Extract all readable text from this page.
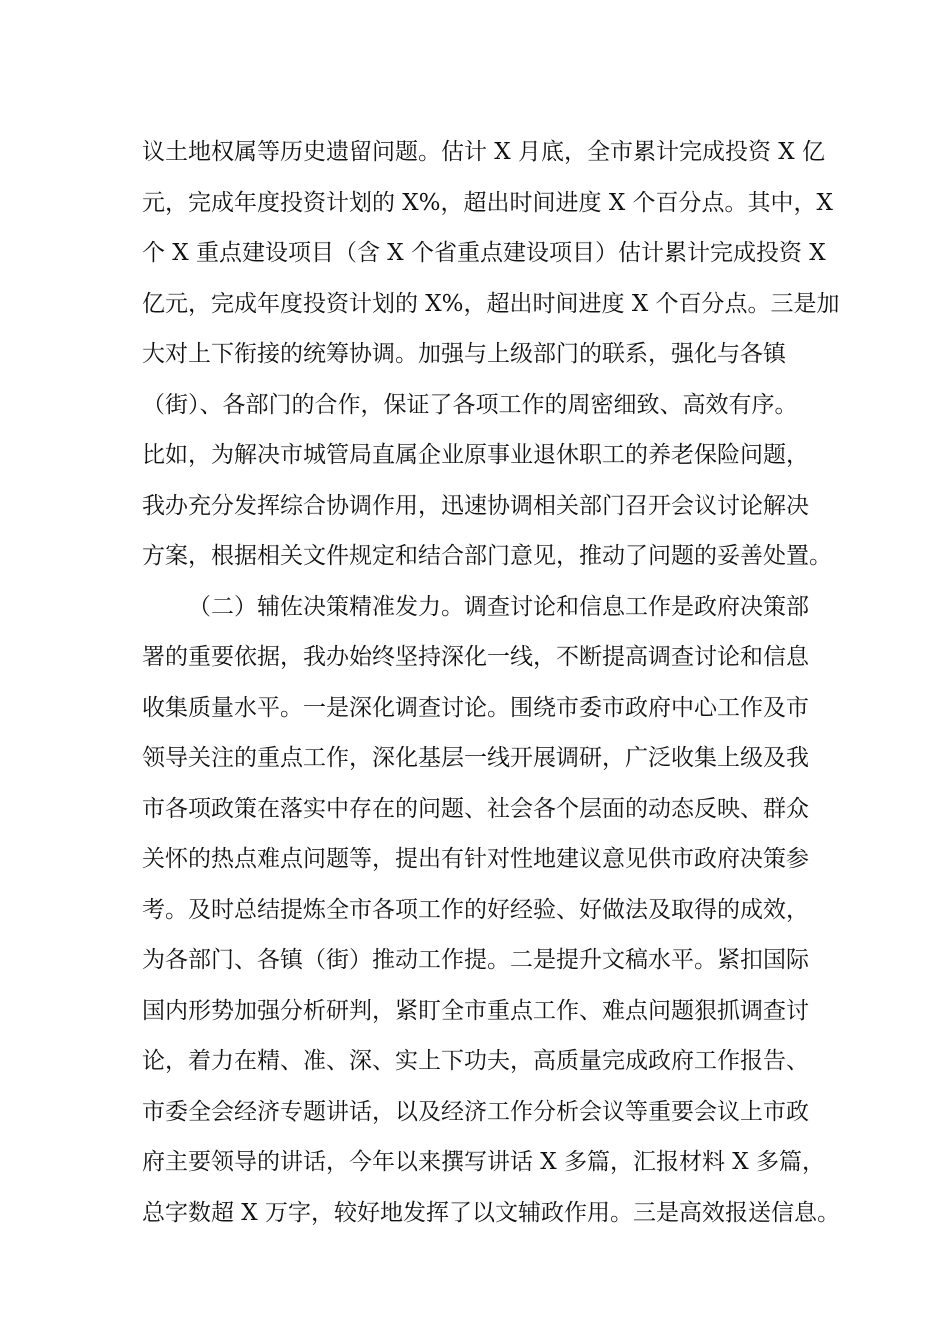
议土地权属等历史遗留问题。估计 X 月底，全市累计完成投资 X 亿
元，完成年度投资计划的 X%，超出时间进度 X 个百分点。其中，X
个 X 重点建设项目（含 X 个省重点建设项目）估计累计完成投资 X
亿元，完成年度投资计划的 X%，超出时间进度 X 个百分点。三是加
大对上下衔接的统筹协调。加强与上级部门的联系，强化与各镇
（街）、各部门的合作，保证了各项工作的周密细致、高效有序。
比如，为解决市城管局直属企业原事业退休职工的养老保险问题，
我办充分发挥综合协调作用，迅速协调相关部门召开会议讨论解决
方案，根据相关文件规定和结合部门意见，推动了问题的妥善处置。
（二）辅佐决策精准发力。调查讨论和信息工作是政府决策部
署的重要依据，我办始终坚持深化一线，不断提高调查讨论和信息
收集质量水平。一是深化调查讨论。围绕市委市政府中心工作及市
领导关注的重点工作，深化基层一线开展调研，广泛收集上级及我
市各项政策在落实中存在的问题、社会各个层面的动态反映、群众
关怀的热点难点问题等，提出有针对性地建议意见供市政府决策参
考。及时总结提炼全市各项工作的好经验、好做法及取得的成效，
为各部门、各镇（街）推动工作提。二是提升文稿水平。紧扣国际
国内形势加强分析研判，紧盯全市重点工作、难点问题狠抓调查讨
论，着力在精、准、深、实上下功夫，高质量完成政府工作报告、
市委全会经济专题讲话，以及经济工作分析会议等重要会议上市政
府主要领导的讲话，今年以来撰写讲话 X 多篇，汇报材料 X 多篇，
总字数超 X 万字，较好地发挥了以文辅政作用。三是高效报送信息。
